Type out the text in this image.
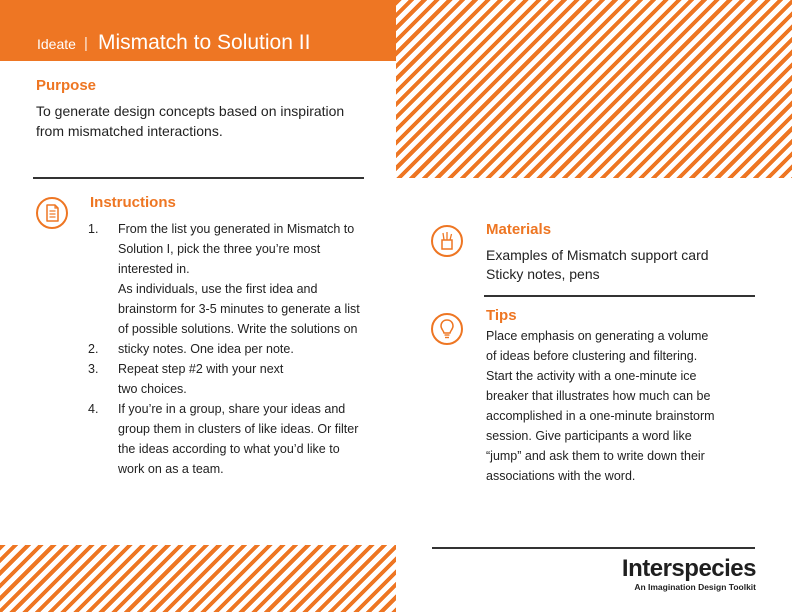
Ideate | Mismatch to Solution II
Purpose
To generate design concepts based on inspiration from mismatched interactions.
Instructions
1. From the list you generated in Mismatch to Solution I, pick the three you’re most interested in.
2.
As individuals, use the first idea and brainstorm for 3-5 minutes to generate a list of possible solutions. Write the solutions on sticky notes. One idea per note.
3. Repeat step #2 with your next two choices.
4. If you’re in a group, share your ideas and group them in clusters of like ideas. Or filter the ideas according to what you’d like to work on as a team.
Materials
Examples of Mismatch support card
Sticky notes, pens
Tips
Place emphasis on generating a volume of ideas before clustering and filtering.
Start the activity with a one-minute ice breaker that illustrates how much can be accomplished in a one-minute brainstorm session. Give participants a word like “jump” and ask them to write down their associations with the word.
Interspecies
An Imagination Design Toolkit
